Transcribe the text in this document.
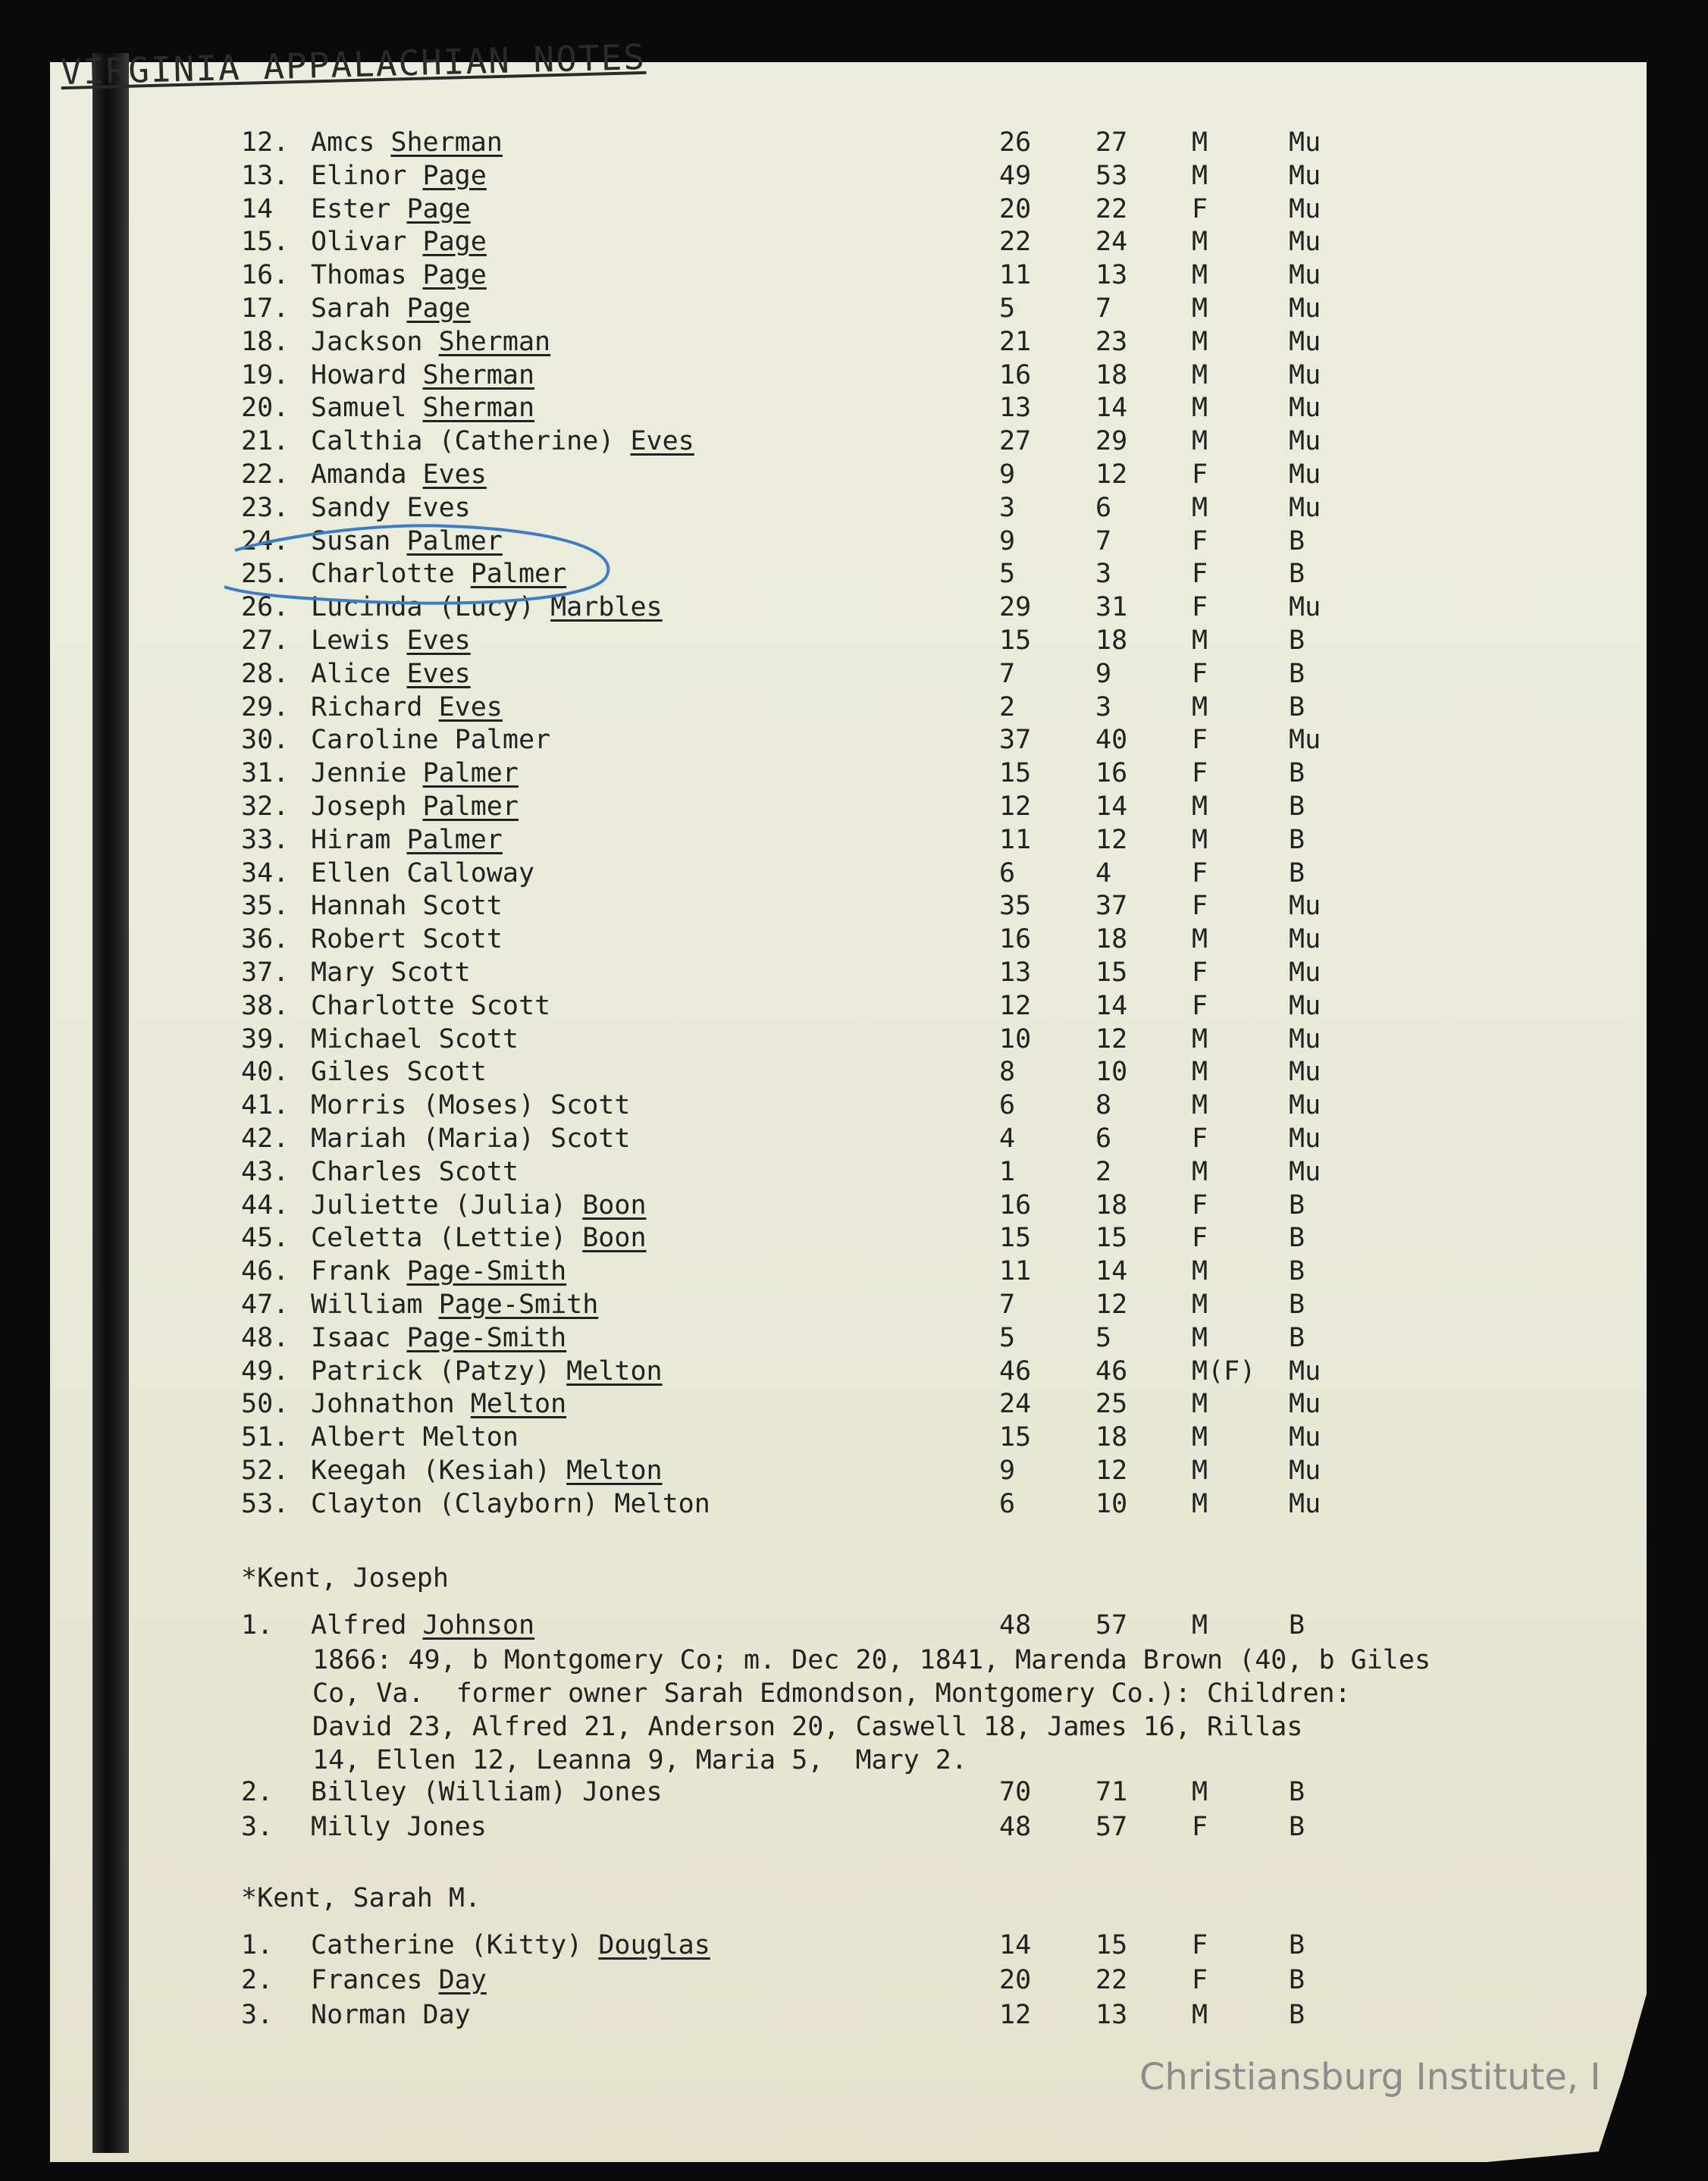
VIRGINIA APPALACHIAN NOTES
12. Amcs Sherman	26 27 M	Mu
13. Elinor Page	49 53 M	Mu
14 Ester Page	20 22 F	Mu
15. Olivar Page	22 24 M	Mu
16. Thomas Page	11 13 M	Mu
17. Sarah Page	5	7	M	Mu
18. Jackson Sherman	21 23 M	Mu
19. Howard Sherman	16 18 M	Mu
20. Samuel Sherman	13 14 M	Mu
21. Calthia (Catherine) Eves	27 29 M	Mu
22. Amanda Eves	9	12 F	Mu
23. Sandy Eves	3	6	M	Mu
24. Susan Palmer	9	7	F	B
25. Charlotte Palmer	5	3	F	B
26. Lucinda (Lucy) Marbles	29 31 F	Mu
27. Lewis Eves	15 18 M	B
28. Alice Eves	7	9	F	B
29. Richard Eves	2	3	M	B
30. Caroline Palmer	37 40 F	Mu
31. Jennie Palmer	15 16 F	B
32. Joseph Palmer	12 14 M	B
33. Hiram Palmer	11 12 M	B
34. Ellen Calloway	6	4	F	B
35. Hannah Scott	35 37 F	Mu
36. Robert Scott	16 18 M	Mu
37. Mary Scott	13 15 F	Mu
38. Charlotte Scott	12 14 F	Mu
39. Michael Scott	10 12 M	Mu
40. Giles Scott	8	10 M	Mu
41. Morris (Moses) Scott	6	8	M	Mu
42. Mariah (Maria) Scott	4	6	F	Mu
43. Charles Scott	1	2	M	Mu
44. Juliette (Julia) Boon	16 18 F	B
45. Celetta (Lettie) Boon	15 15 F	B
46. Frank Page-Smith	11 14 M	B
47. William Page-Smith	7	12 M	B
48. Isaac Page-Smith	5	5	M	B
49. Patrick (Patzy) Melton	46 46 M(F) Mu
50. Johnathon Melton	24 25 M	Mu
51. Albert Melton	15 18 M	Mu
52. Keegah (Kesiah) Melton	9	12 M	Mu
53. Clayton (Clayborn) Melton	6	10 M	Mu
*Kent, Joseph
1. Alfred Johnson	48 57 M	B
1866: 49, b Montgomery Co; m. Dec 20, 1841, Marenda Brown (40, b Giles
Co, Va.  former owner Sarah Edmondson, Montgomery Co.): Children:
David 23, Alfred 21, Anderson 20, Caswell 18, James 16, Rillas
14, Ellen 12, Leanna 9, Maria 5,  Mary 2.
2. Billey (William) Jones	70 71 M	B
3. Milly Jones	48 57 F	B
*Kent, Sarah M.
1. Catherine (Kitty) Douglas	14 15 F	B
2. Frances Day	20 22 F	B
3. Norman Day	12 13 M	B
Christiansburg Institute, I
